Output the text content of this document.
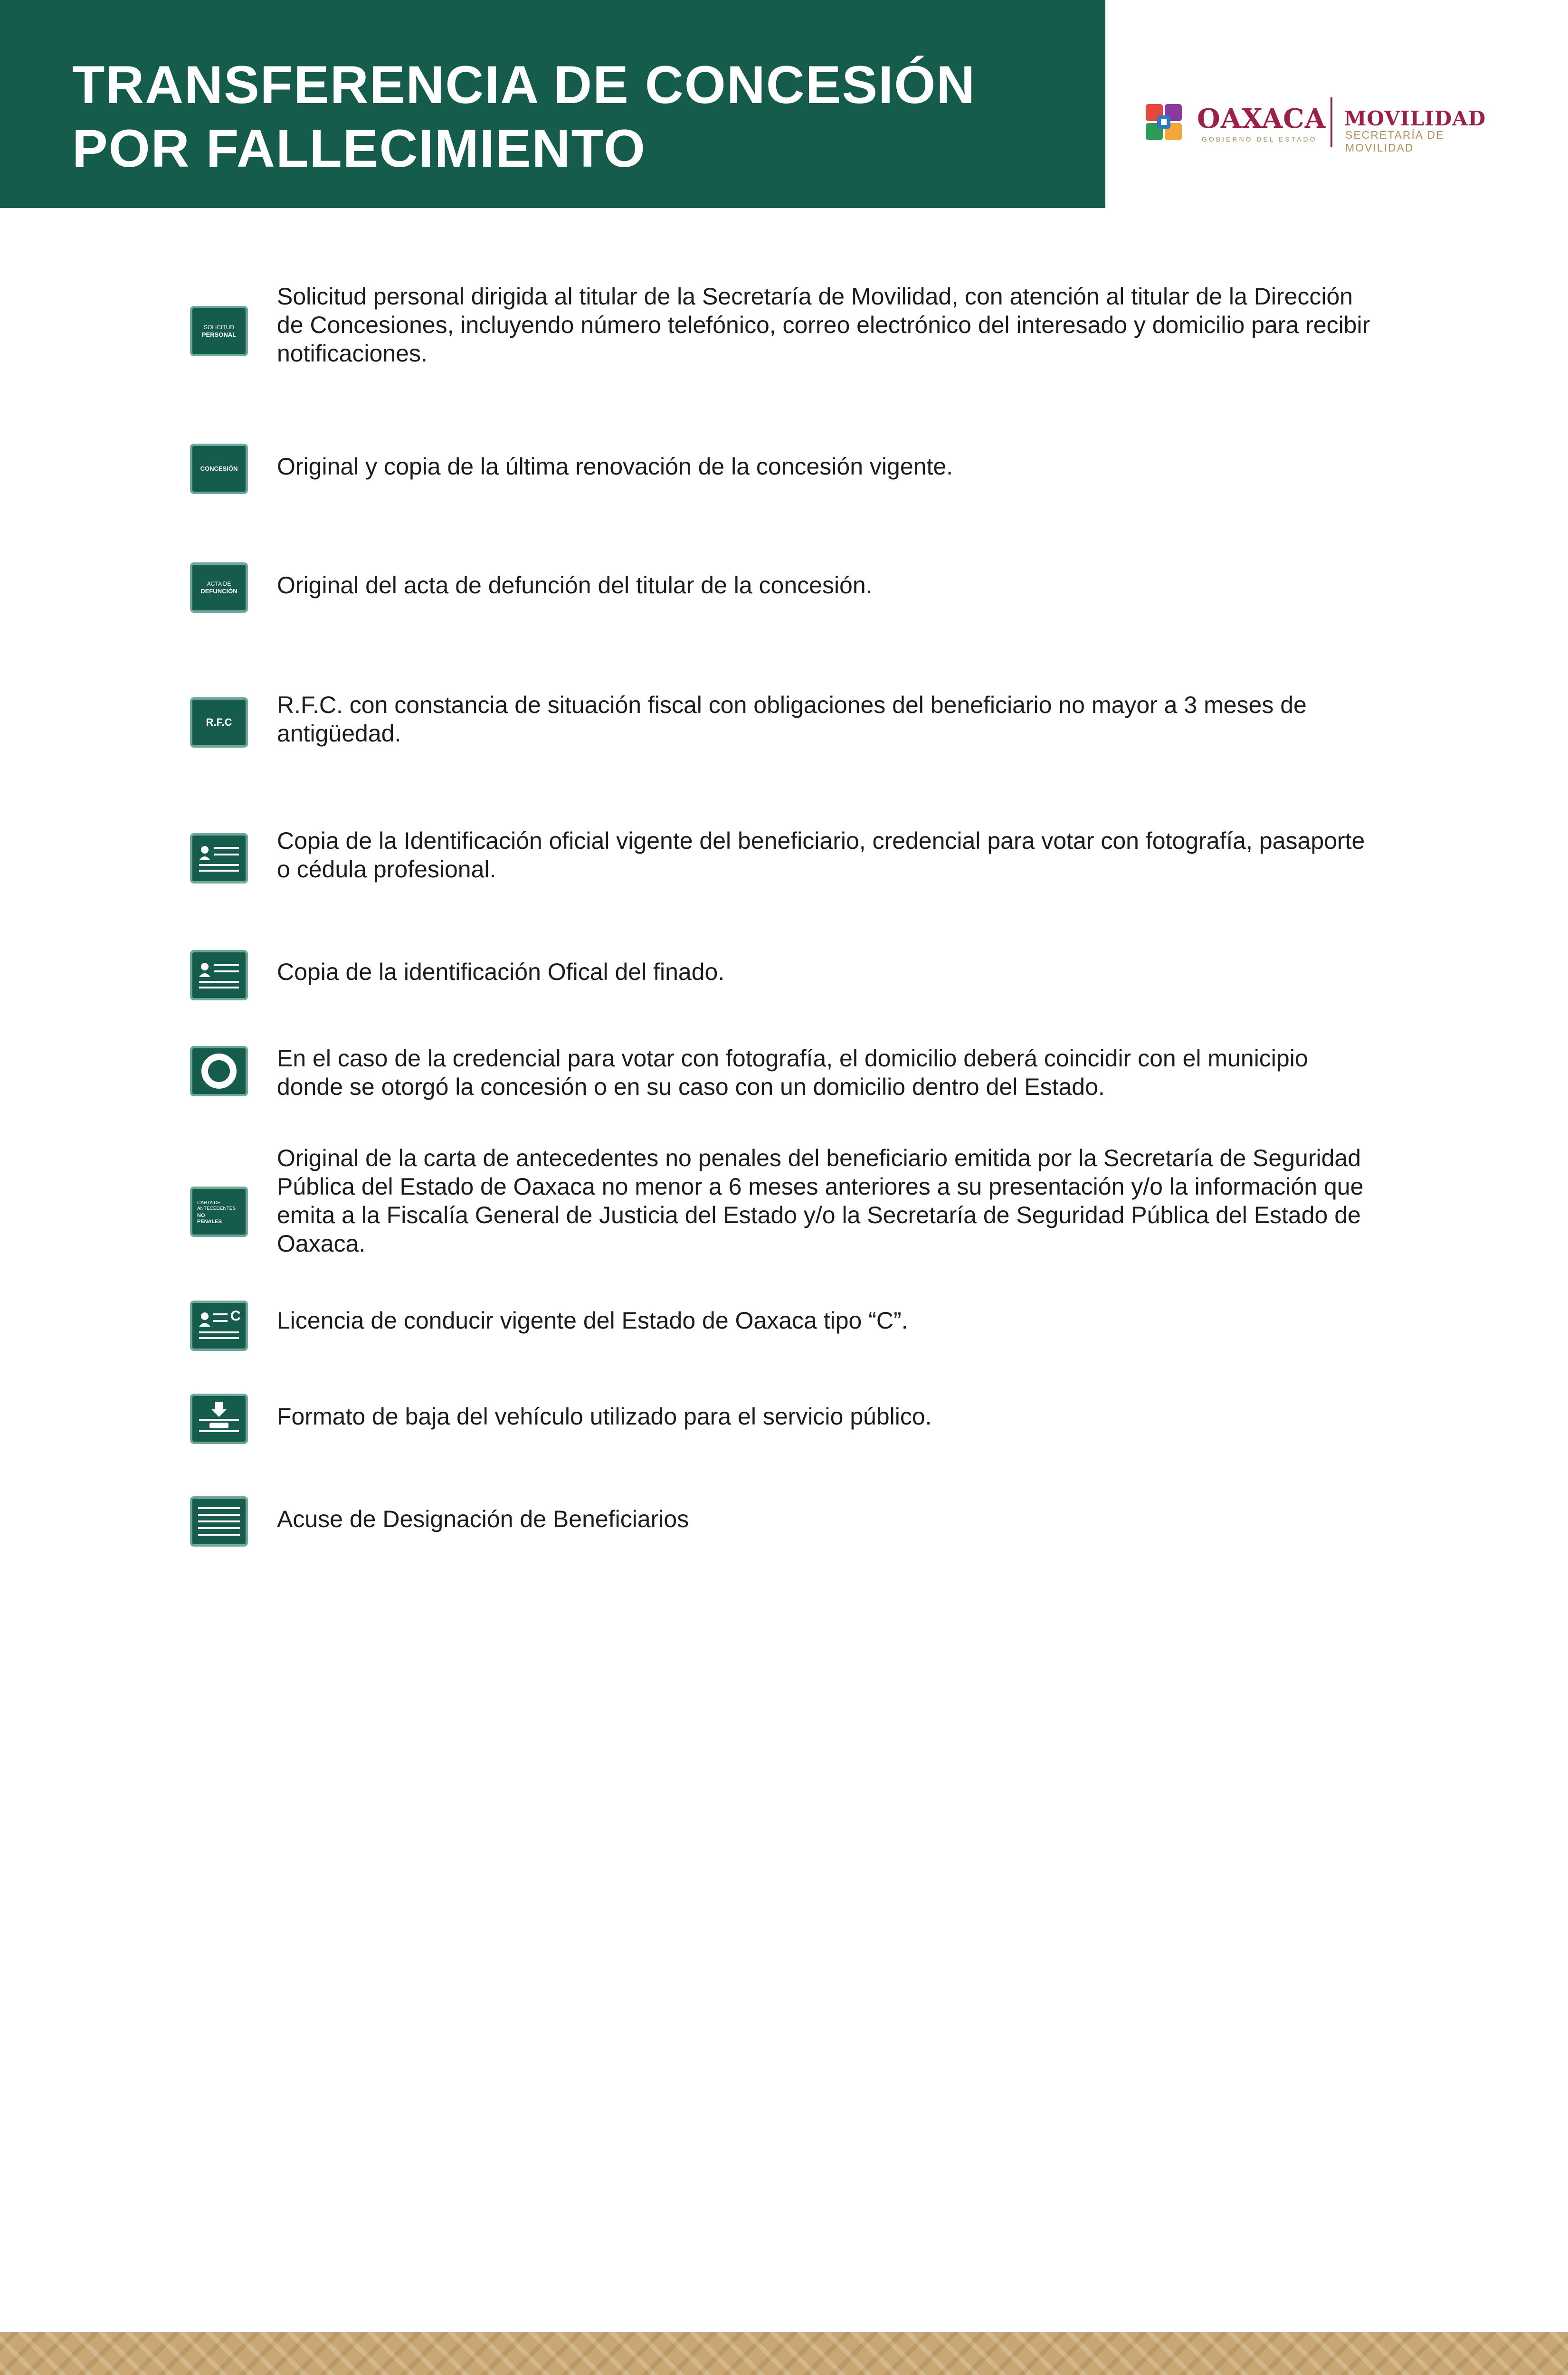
TRANSFERENCIA DE CONCESIÓN
POR FALLECIMIENTO	OAXACA
GOBIERNO DEL ESTADO
MOVILIDAD
SECRETARÍA DE MOVILIDAD
SOLICITUD
PERSONAL

Solicitud personal dirigida al titular de la Secretaría de Movilidad, con atención al titular de la Dirección de Concesiones, incluyendo número telefónico, correo electrónico del interesado y domicilio para recibir notificaciones.

CONCESIÓN	Original y copia de la última renovación de la concesión vigente.

ACTA DE
DEFUNCIÓN	Original del acta de defunción del titular de la concesión.

R.F.C

R.F.C. con constancia de situación fiscal con obligaciones del beneficiario no mayor a 3 meses de antigüedad.

Copia de la Identificación oficial vigente del beneficiario, credencial para votar con fotografía, pasaporte o cédula profesional.

Copia de la identificación Ofical del finado.

En el caso de la credencial para votar con fotografía, el domicilio deberá coincidir con el municipio donde se otorgó la concesión o en su caso con un domicilio dentro del Estado.

CARTA DE
ANTECEDENTES
NO
PENALES

Original de la carta de antecedentes no penales del beneficiario emitida por la Secretaría de Seguridad Pública del Estado de Oaxaca no menor a 6 meses anteriores a su presentación y/o la información que emita a la Fiscalía General de Justicia del Estado y/o la Secretaría de Seguridad Pública del Estado de Oaxaca.

C Licencia de conducir vigente del Estado de Oaxaca tipo “C”.

Formato de baja del vehículo utilizado para el servicio público.

Acuse de Designación de Beneficiarios
